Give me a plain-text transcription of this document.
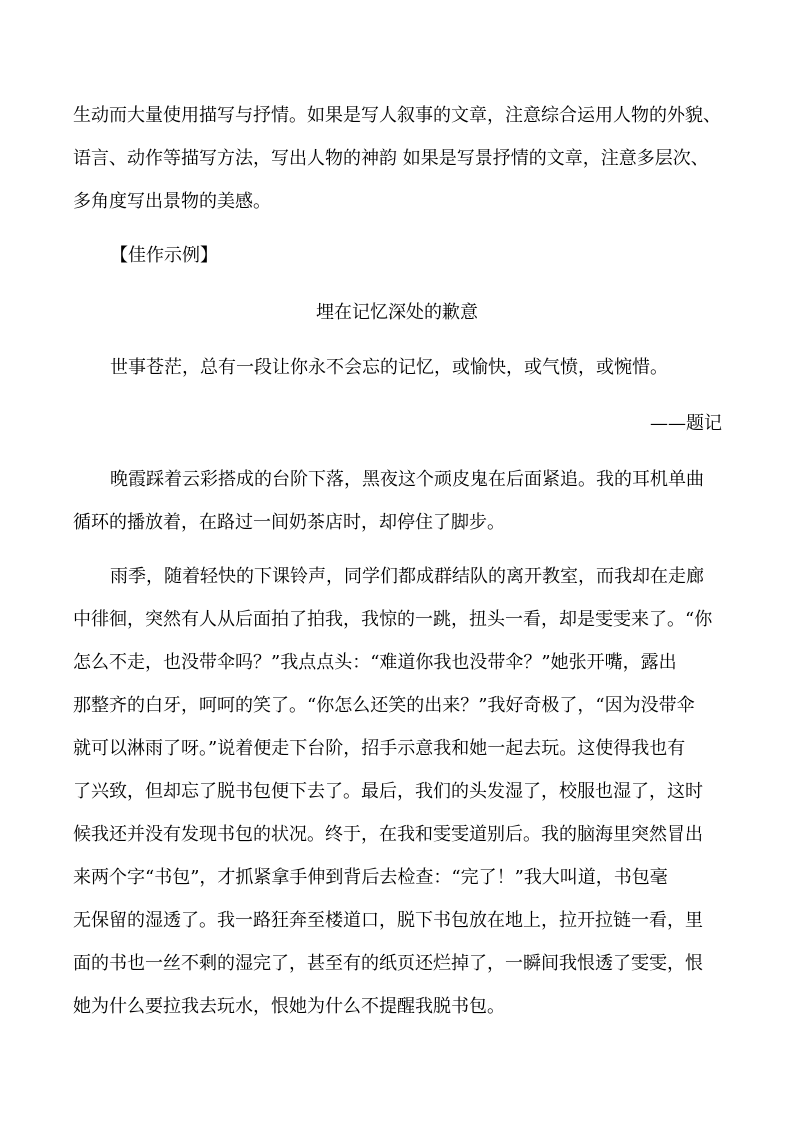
生动而大量使用描写与抒情。如果是写人叙事的文章，注意综合运用人物的外貌、
语言、动作等描写方法，写出人物的神韵 如果是写景抒情的文章，注意多层次、
多角度写出景物的美感。
【佳作示例】
埋在记忆深处的歉意
世事苍茫，总有一段让你永不会忘的记忆，或愉快，或气愤，或惋惜。
——题记
晚霞踩着云彩搭成的台阶下落，黑夜这个顽皮鬼在后面紧追。我的耳机单曲
循环的播放着，在路过一间奶茶店时，却停住了脚步。
雨季，随着轻快的下课铃声，同学们都成群结队的离开教室，而我却在走廊
中徘徊，突然有人从后面拍了拍我，我惊的一跳，扭头一看，却是雯雯来了。“你
怎么不走，也没带伞吗？”我点点头：“难道你我也没带伞？”她张开嘴，露出
那整齐的白牙，呵呵的笑了。“你怎么还笑的出来？”我好奇极了，“因为没带伞
就可以淋雨了呀。”说着便走下台阶，招手示意我和她一起去玩。这使得我也有
了兴致，但却忘了脱书包便下去了。最后，我们的头发湿了，校服也湿了，这时
候我还并没有发现书包的状况。终于，在我和雯雯道别后。我的脑海里突然冒出
来两个字“书包”，才抓紧拿手伸到背后去检查：“完了！”我大叫道，书包毫
无保留的湿透了。我一路狂奔至楼道口，脱下书包放在地上，拉开拉链一看，里
面的书也一丝不剩的湿完了，甚至有的纸页还烂掉了，一瞬间我恨透了雯雯，恨
她为什么要拉我去玩水，恨她为什么不提醒我脱书包。
